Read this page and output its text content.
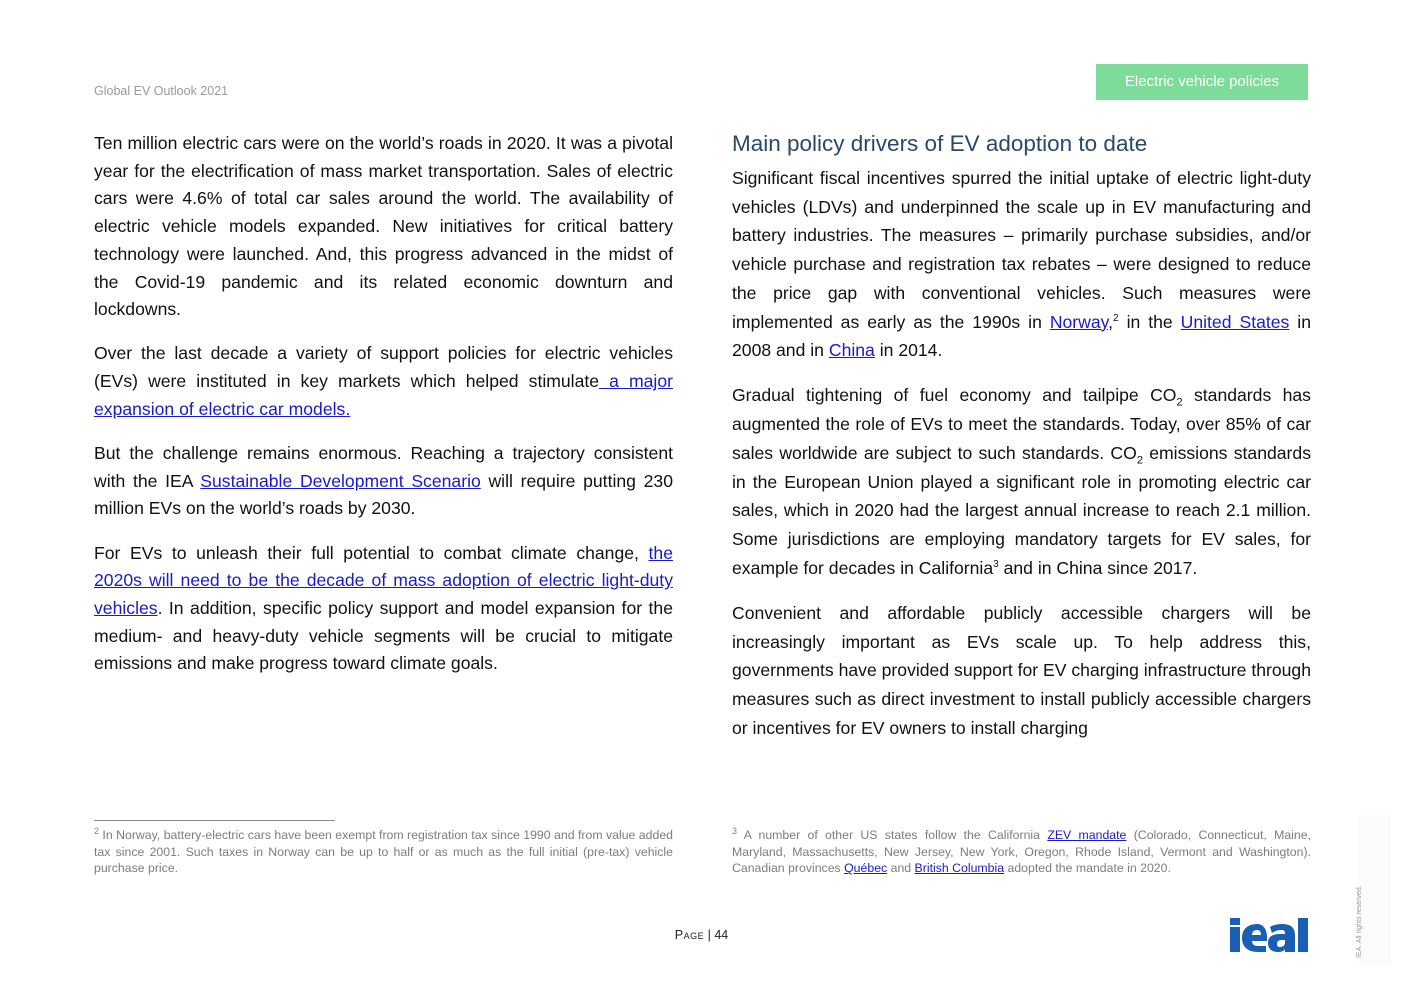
Global EV Outlook 2021
Electric vehicle policies

Ten million electric cars were on the world’s roads in 2020. It was a pivotal year for the electrification of mass market transportation. Sales of electric cars were 4.6% of total car sales around the world. The availability of electric vehicle models expanded. New initiatives for critical battery technology were launched. And, this progress advanced in the midst of the Covid-19 pandemic and its related economic downturn and lockdowns.

Over the last decade a variety of support policies for electric vehicles (EVs) were instituted in key markets which helped stimulate a major expansion of electric car models.

But the challenge remains enormous. Reaching a trajectory consistent with the IEA Sustainable Development Scenario will require putting 230 million EVs on the world’s roads by 2030.

For EVs to unleash their full potential to combat climate change, the 2020s will need to be the decade of mass adoption of electric light-duty vehicles. In addition, specific policy support and model expansion for the medium- and heavy-duty vehicle segments will be crucial to mitigate emissions and make progress toward climate goals.

Main policy drivers of EV adoption to date

Significant fiscal incentives spurred the initial uptake of electric light-duty vehicles (LDVs) and underpinned the scale up in EV manufacturing and battery industries. The measures – primarily purchase subsidies, and/or vehicle purchase and registration tax rebates – were designed to reduce the price gap with conventional vehicles. Such measures were implemented as early as the 1990s in Norway,$^2$ in the United States in 2008 and in China in 2014.

Gradual tightening of fuel economy and tailpipe $CO_2$ standards has augmented the role of EVs to meet the standards. Today, over 85% of car sales worldwide are subject to such standards. $CO_2$ emissions standards in the European Union played a significant role in promoting electric car sales, which in 2020 had the largest annual increase to reach 2.1 million. Some jurisdictions are employing mandatory targets for EV sales, for example for decades in California$^3$ and in China since 2017.

Convenient and affordable publicly accessible chargers will be increasingly important as EVs scale up. To help address this, governments have provided support for EV charging infrastructure through measures such as direct investment to install publicly accessible chargers or incentives for EV owners to install charging

$^2$ In Norway, battery-electric cars have been exempt from registration tax since 1990 and from value added tax since 2001. Such taxes in Norway can be up to half or as much as the full initial (pre-tax) vehicle purchase price.
$^3$ A number of other US states follow the California ZEV mandate (Colorado, Connecticut, Maine, Maryland, Massachusetts, New Jersey, New York, Oregon, Rhode Island, Vermont and Washington). Canadian provinces Québec and British Columbia adopted the mandate in 2020.
Page | 44	IEA. All rights reserved.
